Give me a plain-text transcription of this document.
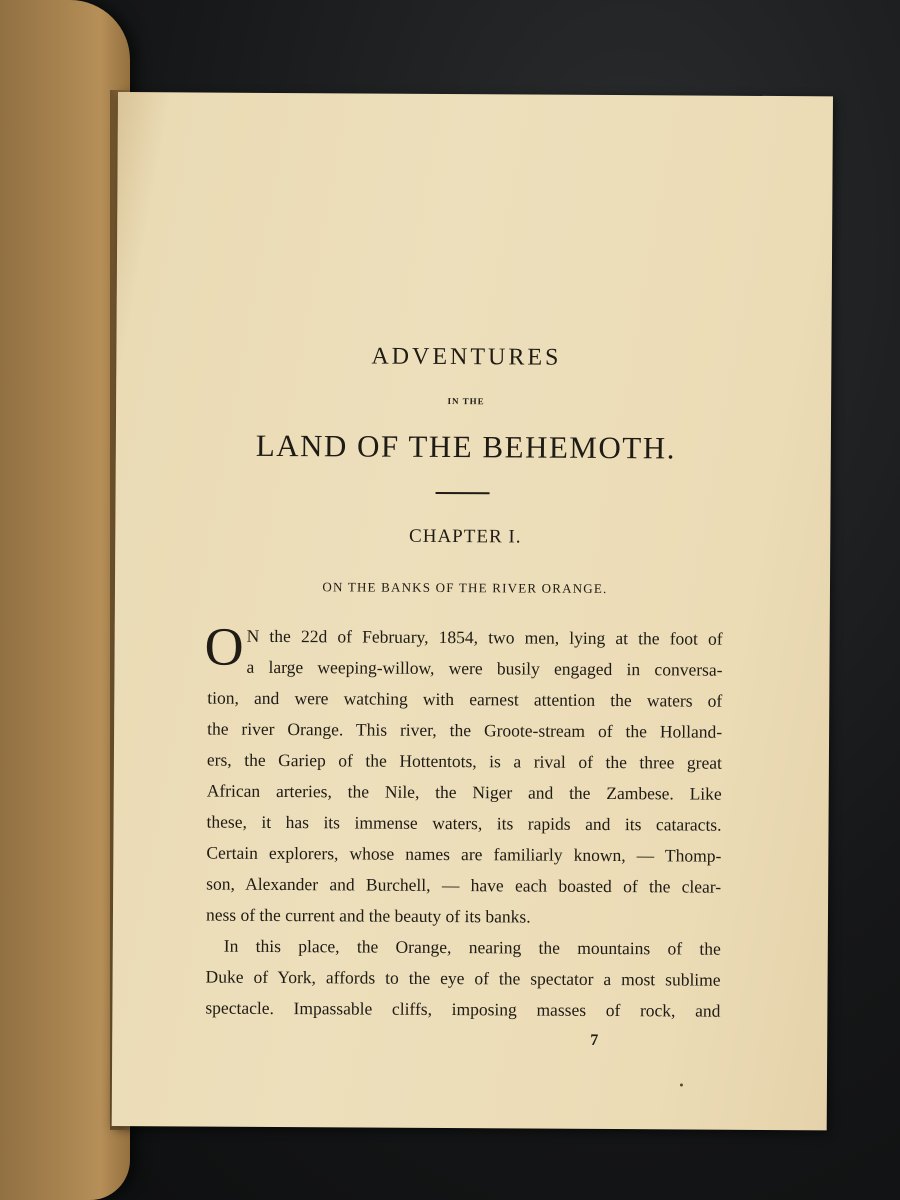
ADVENTURES
IN THE
LAND OF THE BEHEMOTH.
CHAPTER I.
ON THE BANKS OF THE RIVER ORANGE.
O N the 22d of February, 1854, two men, lying at the foot of
a large weeping-willow, were busily engaged in conversa-
tion, and were watching with earnest attention the waters of
the river Orange. This river, the Groote-stream of the Holland-
ers, the Gariep of the Hottentots, is a rival of the three great
African arteries, the Nile, the Niger and the Zambese. Like
these, it has its immense waters, its rapids and its cataracts.
Certain explorers, whose names are familiarly known, — Thomp-
son, Alexander and Burchell, — have each boasted of the clear-
ness of the current and the beauty of its banks.
In this place, the Orange, nearing the mountains of the
Duke of York, affords to the eye of the spectator a most sublime
spectacle. Impassable cliffs, imposing masses of rock, and
7
